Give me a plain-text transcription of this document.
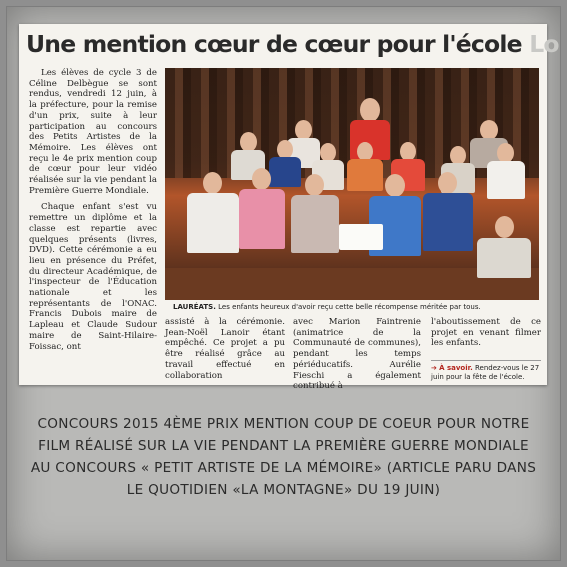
Une mention cœur de cœur pour l'école Lo

Les élèves de cycle 3 de Céline Delbègue se sont rendus, vendredi 12 juin, à la préfecture, pour la remise d'un prix, suite à leur participation au concours des Petits Artistes de la Mémoire. Les élèves ont reçu le 4e prix mention coup de cœur pour leur vidéo réalisée sur la vie pendant la Première Guerre Mondiale.

Chaque enfant s'est vu remettre un diplôme et la classe est repartie avec quelques présents (livres, DVD). Cette cérémonie a eu lieu en présence du Préfet, du directeur Académique, de l'inspecteur de l'Éducation nationale et les représentants de l'ONAC. Francis Dubois maire de Lapleau et Claude Sudour maire de Saint-Hilaire-Foissac, ont

LAURÉATS. Les enfants heureux d'avoir reçu cette belle récompense méritée par tous.
assisté à la cérémonie. Jean-Noël Lanoir étant empêché. Ce projet a pu être réalisé grâce au travail effectué en collaboration
avec Marion Faintrenie (animatrice de la Communauté de communes), pendant les temps périéducatifs. Aurélie Fieschi a également contribué à
l'aboutissement de ce projet en venant filmer les enfants.
➔ À savoir. Rendez-vous le 27 juin pour la fête de l'école.
CONCOURS 2015 4ÈME PRIX MENTION COUP DE COEUR POUR NOTRE FILM RÉALISÉ SUR LA VIE PENDANT LA PREMIÈRE GUERRE MONDIALE AU CONCOURS « PETIT ARTISTE DE LA MÉMOIRE» (ARTICLE PARU DANS LE QUOTIDIEN «LA MONTAGNE» DU 19 JUIN)
